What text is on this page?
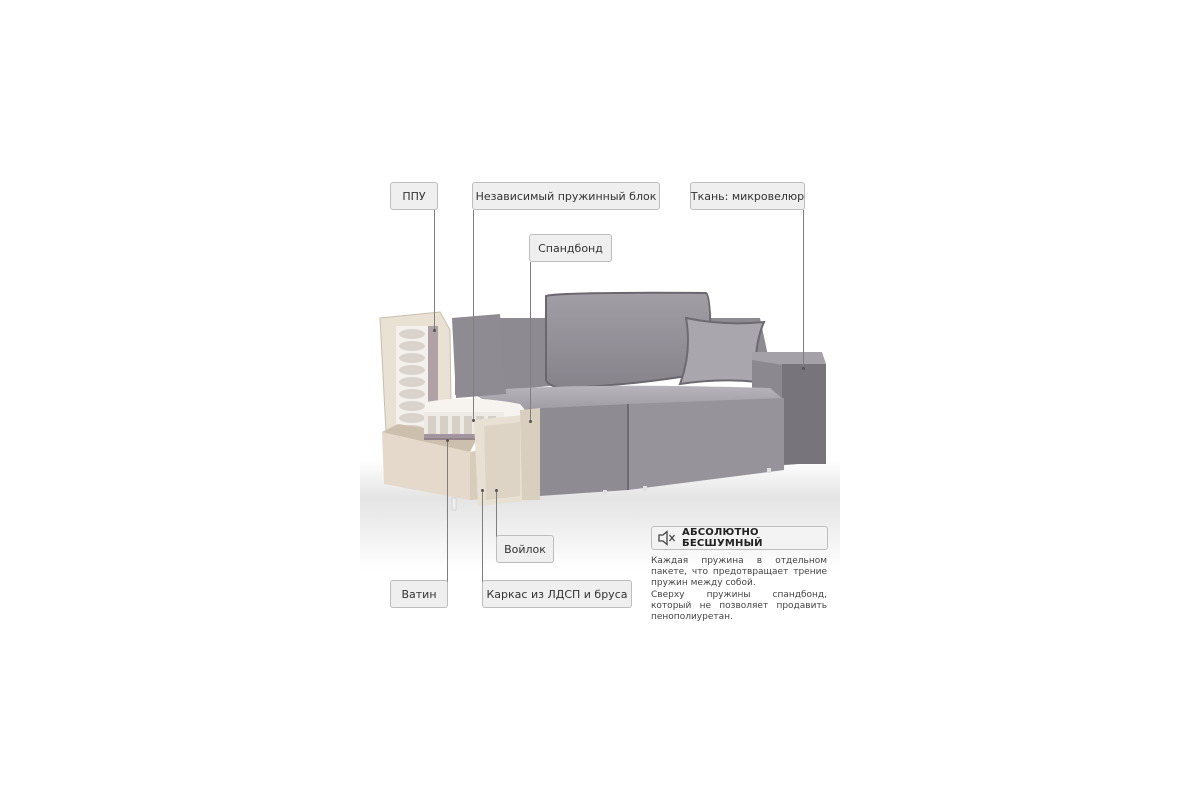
ППУ	Независимый пружинный блок	Ткань: микровелюр
Спандбонд
Войлок
Ватин	Каркас из ЛДСП и бруса
АБСОЛЮТНО БЕСШУМНЫЙ
Каждая пружина в отдельном пакете, что предотвращает трение пружин между собой.
Сверху пружины спандбонд, который не позволяет продавить пенополиуретан.
